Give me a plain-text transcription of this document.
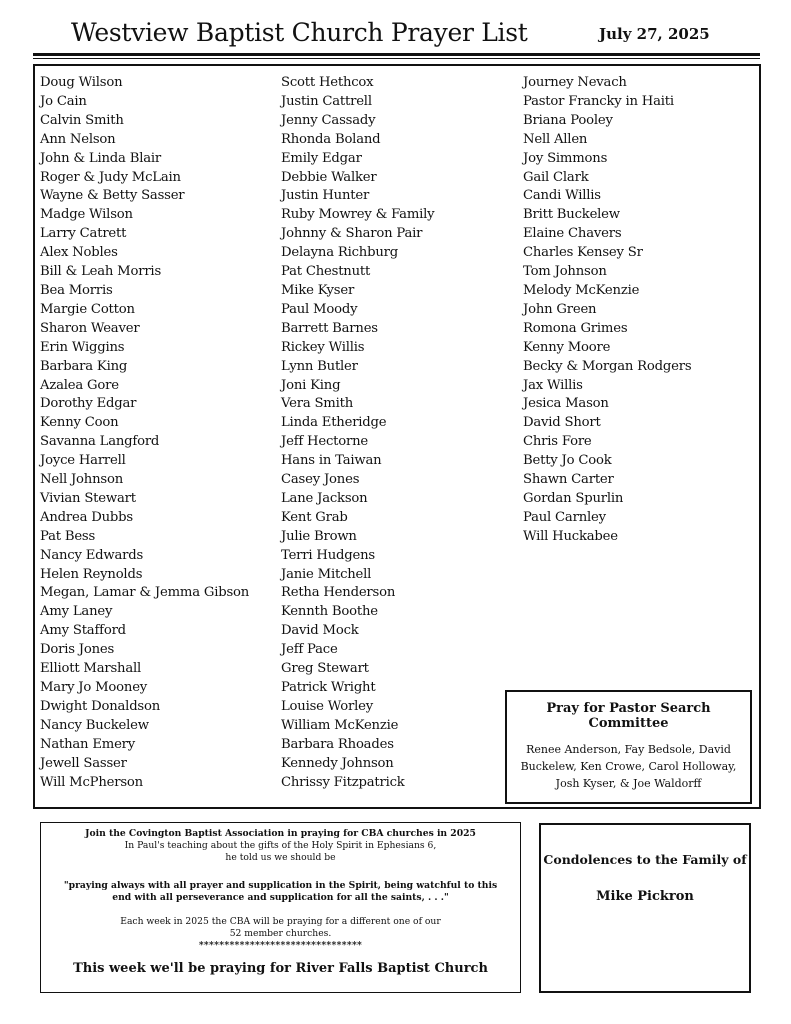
Westview Baptist Church Prayer List	July 27, 2025
Doug Wilson
Jo Cain
Calvin Smith
Ann Nelson
John & Linda Blair
Roger & Judy McLain
Wayne & Betty Sasser
Madge Wilson
Larry Catrett
Alex Nobles
Bill & Leah Morris
Bea Morris
Margie Cotton
Sharon Weaver
Erin Wiggins
Barbara King
Azalea Gore
Dorothy Edgar
Kenny Coon
Savanna Langford
Joyce Harrell
Nell Johnson
Vivian Stewart
Andrea Dubbs
Pat Bess
Nancy Edwards
Helen Reynolds
Megan, Lamar & Jemma Gibson
Amy Laney
Amy Stafford
Doris Jones
Elliott Marshall
Mary Jo Mooney
Dwight Donaldson
Nancy Buckelew
Nathan Emery
Jewell Sasser
Will McPherson
Scott Hethcox
Justin Cattrell
Jenny Cassady
Rhonda Boland
Emily Edgar
Debbie Walker
Justin Hunter
Ruby Mowrey & Family
Johnny & Sharon Pair
Delayna Richburg
Pat Chestnutt
Mike Kyser
Paul Moody
Barrett Barnes
Rickey Willis
Lynn Butler
Joni King
Vera Smith
Linda Etheridge
Jeff Hectorne
Hans in Taiwan
Casey Jones
Lane Jackson
Kent Grab
Julie Brown
Terri Hudgens
Janie Mitchell
Retha Henderson
Kennth Boothe
David Mock
Jeff Pace
Greg Stewart
Patrick Wright
Louise Worley
William McKenzie
Barbara Rhoades
Kennedy Johnson
Chrissy Fitzpatrick
Journey Nevach
Pastor Francky in Haiti
Briana Pooley
Nell Allen
Joy Simmons
Gail Clark
Candi Willis
Britt Buckelew
Elaine Chavers
Charles Kensey Sr
Tom Johnson
Melody McKenzie
John Green
Romona Grimes
Kenny Moore
Becky & Morgan Rodgers
Jax Willis
Jesica Mason
David Short
Chris Fore
Betty Jo Cook
Shawn Carter
Gordan Spurlin
Paul Carnley
Will Huckabee
Pray for Pastor Search Committee
Renee Anderson, Fay Bedsole, David Buckelew, Ken Crowe, Carol Holloway, Josh Kyser, & Joe Waldorff
Join the Covington Baptist Association in praying for CBA churches in 2025
In Paul's teaching about the gifts of the Holy Spirit in Ephesians 6,
he told us we should be
"praying always with all prayer and supplication in the Spirit, being watchful to this end with all perseverance and supplication for all the saints, . . ."
Each week in 2025 the CBA will be praying for a different one of our
52 member churches.
********************************
This week we'll be praying for River Falls Baptist Church
Condolences to the Family of
Mike Pickron
